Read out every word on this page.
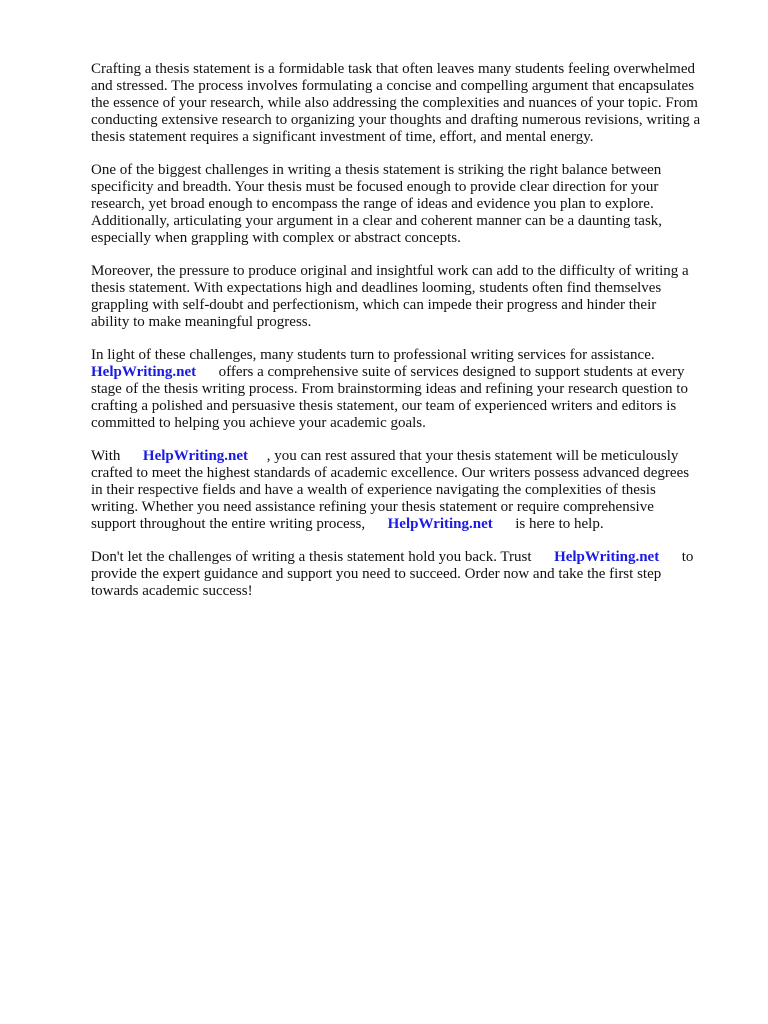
Crafting a thesis statement is a formidable task that often leaves many students feeling overwhelmed
and stressed. The process involves formulating a concise and compelling argument that encapsulates
the essence of your research, while also addressing the complexities and nuances of your topic. From
conducting extensive research to organizing your thoughts and drafting numerous revisions, writing a
thesis statement requires a significant investment of time, effort, and mental energy.

One of the biggest challenges in writing a thesis statement is striking the right balance between
specificity and breadth. Your thesis must be focused enough to provide clear direction for your
research, yet broad enough to encompass the range of ideas and evidence you plan to explore.
Additionally, articulating your argument in a clear and coherent manner can be a daunting task,
especially when grappling with complex or abstract concepts.

Moreover, the pressure to produce original and insightful work can add to the difficulty of writing a
thesis statement. With expectations high and deadlines looming, students often find themselves
grappling with self-doubt and perfectionism, which can impede their progress and hinder their
ability to make meaningful progress.

In light of these challenges, many students turn to professional writing services for assistance.
HelpWriting.net      offers a comprehensive suite of services designed to support students at every
stage of the thesis writing process. From brainstorming ideas and refining your research question to
crafting a polished and persuasive thesis statement, our team of experienced writers and editors is
committed to helping you achieve your academic goals.

With      HelpWriting.net     , you can rest assured that your thesis statement will be meticulously
crafted to meet the highest standards of academic excellence. Our writers possess advanced degrees
in their respective fields and have a wealth of experience navigating the complexities of thesis
writing. Whether you need assistance refining your thesis statement or require comprehensive
support throughout the entire writing process,      HelpWriting.net      is here to help.

Don't let the challenges of writing a thesis statement hold you back. Trust      HelpWriting.net      to
provide the expert guidance and support you need to succeed. Order now and take the first step
towards academic success!
